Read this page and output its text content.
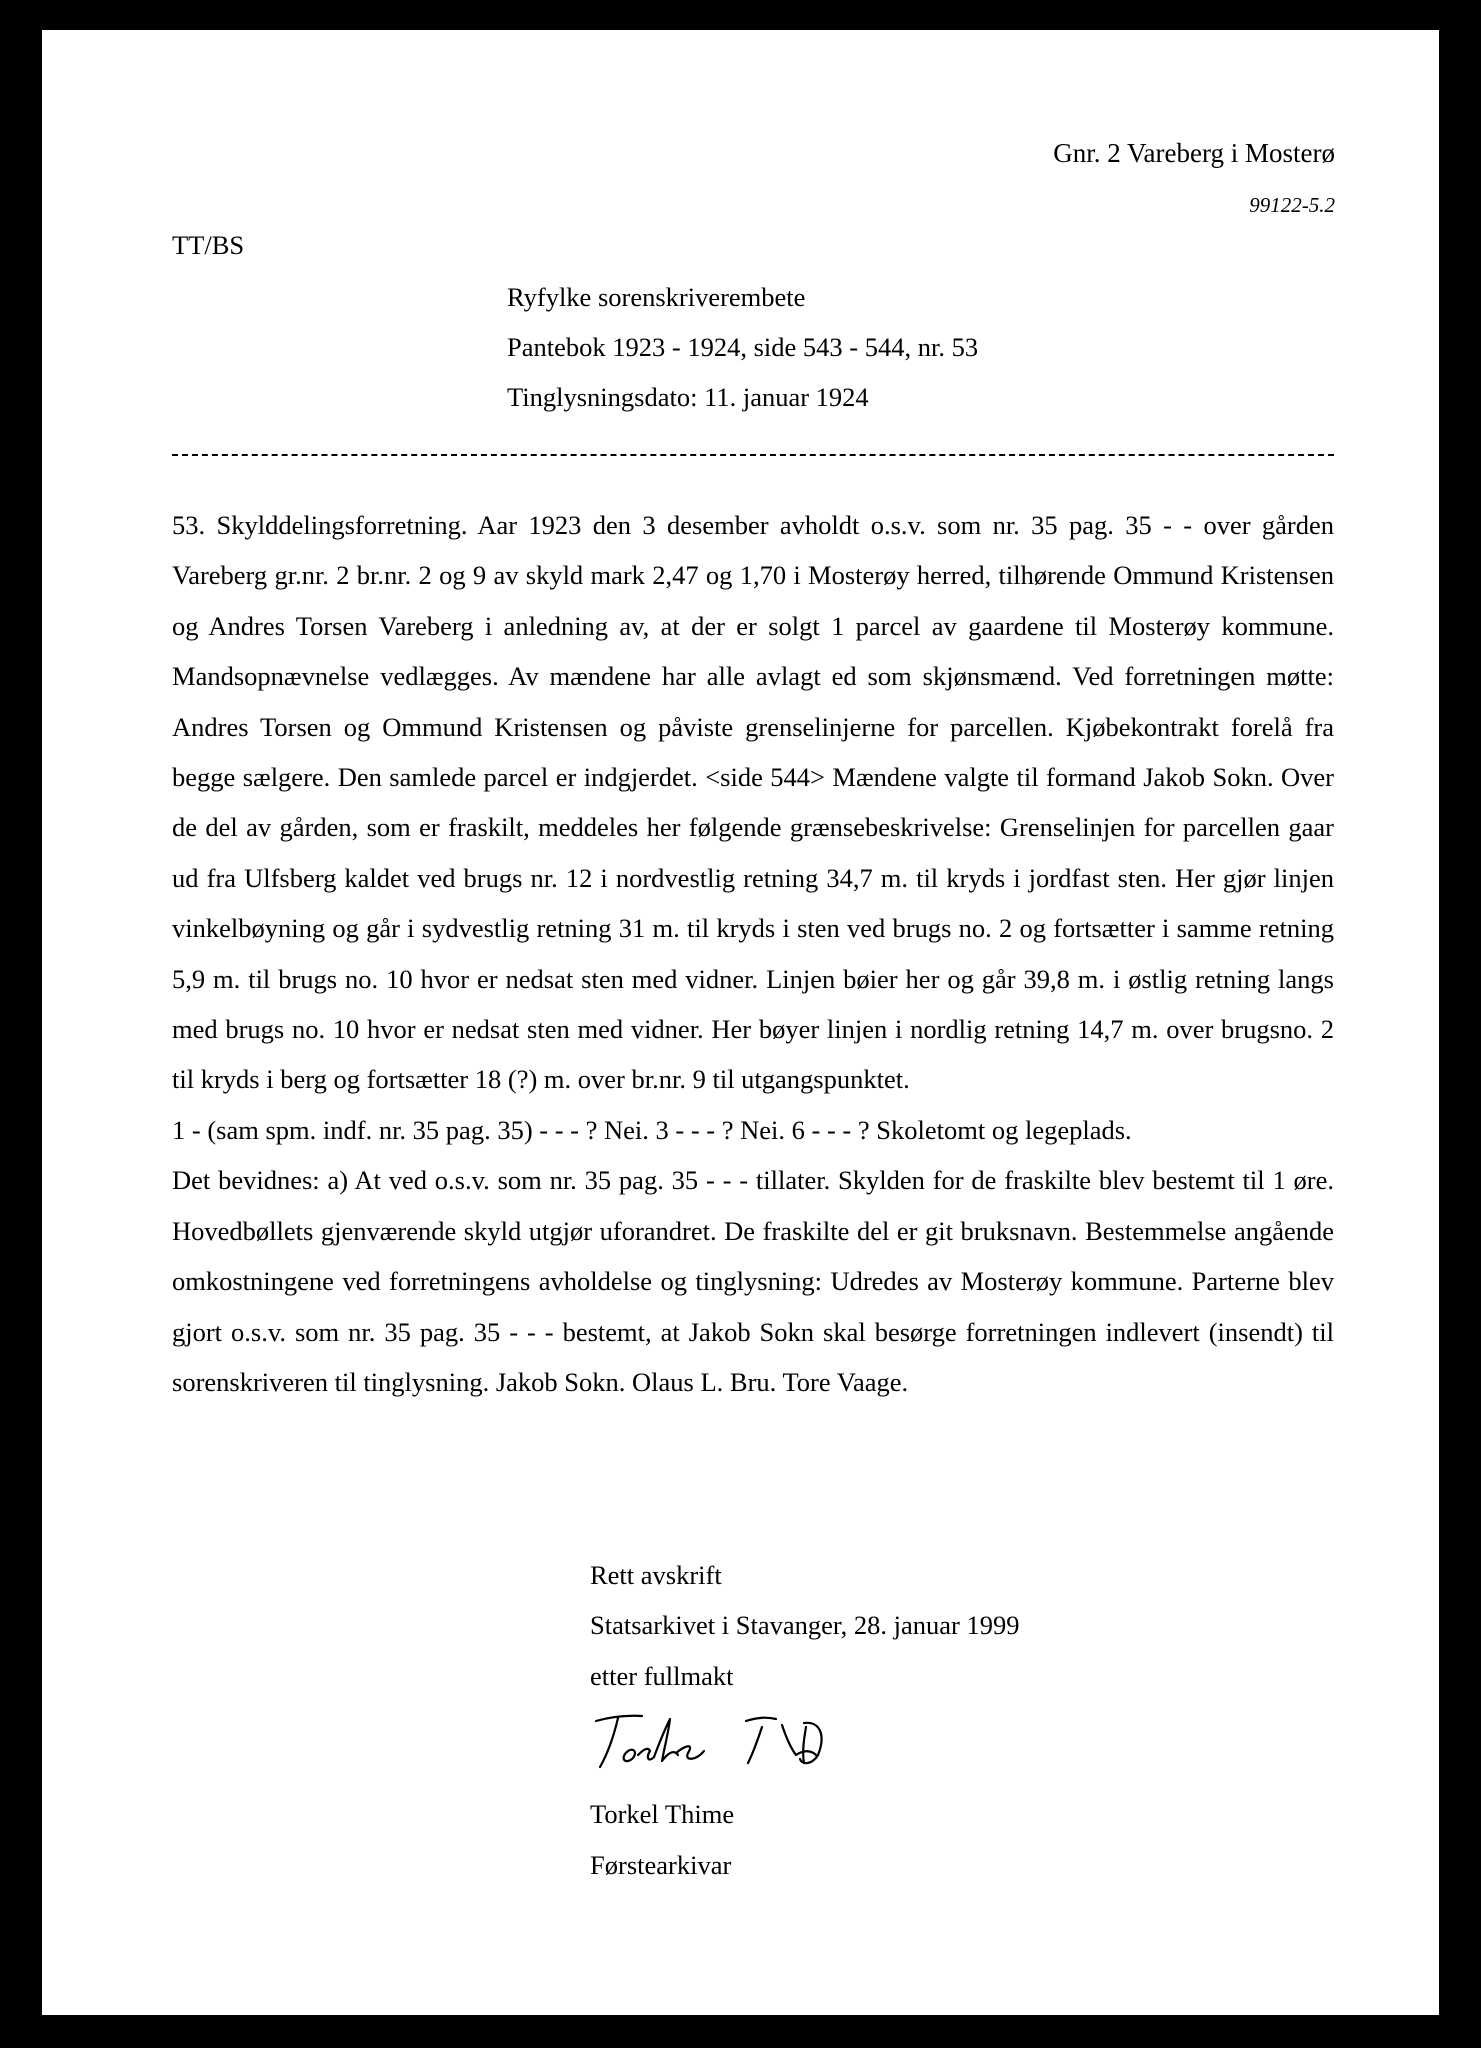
Gnr. 2 Vareberg i Mosterø
99122-5.2
TT/BS
Ryfylke sorenskriverembete
Pantebok 1923 - 1924, side 543 - 544, nr. 53
Tinglysningsdato: 11. januar 1924

53. Skylddelingsforretning. Aar 1923 den 3 desember avholdt o.s.v. som nr. 35 pag. 35 - - over gården Vareberg gr.nr. 2 br.nr. 2 og 9 av skyld mark 2,47 og 1,70 i Mosterøy herred, tilhørende Ommund Kristensen og Andres Torsen Vareberg i anledning av, at der er solgt 1 parcel av gaardene til Mosterøy kommune. Mandsopnævnelse vedlægges. Av mændene har alle avlagt ed som skjønsmænd. Ved forretningen møtte: Andres Torsen og Ommund Kristensen og påviste grenselinjerne for parcellen. Kjøbekontrakt forelå fra begge sælgere. Den samlede parcel er indgjerdet. <side 544> Mændene valgte til formand Jakob Sokn. Over de del av gården, som er fraskilt, meddeles her følgende grænsebeskrivelse: Grenselinjen for parcellen gaar ud fra Ulfsberg kaldet ved brugs nr. 12 i nordvestlig retning 34,7 m. til kryds i jordfast sten. Her gjør linjen vinkelbøyning og går i sydvestlig retning 31 m. til kryds i sten ved brugs no. 2 og fortsætter i samme retning 5,9 m. til brugs no. 10 hvor er nedsat sten med vidner. Linjen bøier her og går 39,8 m. i østlig retning langs med brugs no. 10 hvor er nedsat sten med vidner. Her bøyer linjen i nordlig retning 14,7 m. over brugsno. 2 til kryds i berg og fortsætter 18 (?) m. over br.nr. 9 til utgangspunktet.

1 - (sam spm. indf. nr. 35 pag. 35) - - - ? Nei. 3 - - - ? Nei. 6 - - - ? Skoletomt og legeplads.

Det bevidnes: a) At ved o.s.v. som nr. 35 pag. 35 - - - tillater. Skylden for de fraskilte blev bestemt til 1 øre. Hovedbøllets gjenværende skyld utgjør uforandret. De fraskilte del er git bruksnavn. Bestemmelse angående omkostningene ved forretningens avholdelse og tinglysning: Udredes av Mosterøy kommune. Parterne blev gjort o.s.v. som nr. 35 pag. 35 - - - bestemt, at Jakob Sokn skal besørge forretningen indlevert (insendt) til sorenskriveren til tinglysning. Jakob Sokn. Olaus L. Bru. Tore Vaage.

Rett avskrift
Statsarkivet i Stavanger, 28. januar 1999
etter fullmakt
Torkel Thime
Førstearkivar
